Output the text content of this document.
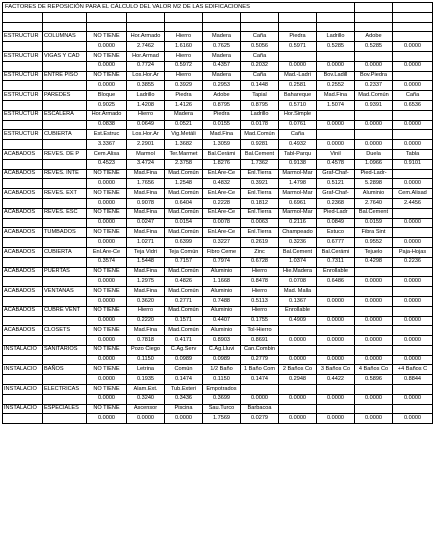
FACTORES DE REPOSICIÓN PARA EL CÁLCULO DEL VALOR M2 DE LAS EDIFICACIONES										

ESTRUCTUR	COLUMNAS	NO TIENE	Hor.Armado	Hierro	Madera	Caña	Piedra	Ladrillo	Adobe	
		0.0000	2.7462	1.6160	0.7625	0.5056	0.5971	0.5285	0.5285	0.0000
ESTRUCTUR	VIGAS Y CAD	NO TIENE	Hor.Armad	Hierro	Madera	Caña				
		0.0000	0.7724	0.5972	0.4357	0.2032	0.0000	0.0000	0.0000	0.0000
ESTRUCTUR	ENTRE PISO	NO TIENE	Los.Hor.Ar	Hierro	Madera	Caña	Mad.-Ladri	Bov.Ladill	Bov.Piedra	
		0.0000	0.3855	0.3929	0.2953	0.1448	0.2581	0.2552	0.2337	0.0000
ESTRUCTUR	PAREDES	Bloque	Ladrillo	Piedra	Adobe	Tapial	Bahareque	Mad.Fina	Mad.Común	Caña
		0.9025	1.4208	1.4126	0.8795	0.8795	0.5710	1.5074	0.9391	0.6536
ESTRUCTUR	ESCALERA	Hor.Armado	Hierro	Madera	Piedra	Ladrillo	Hor.Simple			
		0.0838	0.0649	0.0521	0.0155	0.0178	0.0761	0.0000	0.0000	0.0000
ESTRUCTUR	CUBIERTA	Est.Estruc	Los.Hor.Ar	Vig.Metáli	Mad.Fina	Mad.Común	Caña			
		3.3367	2.2901	1.3682	1.3059	0.9281	0.4932	0.0000	0.0000	0.0000
ACABADOS	REVES. DE P	Cem.Alisa	Marmol	Ter.Marmet	Bal.Cerámi	Bal.Cement	Tabl-Parqu	Vinil	Duela	Tabla
		0.4523	3.4724	2.3758	1.8276	1.7362	0.9138	0.4578	1.0966	0.9101
ACABADOS	REVES. INTE	NO TIENE	Mad.Fina	Mad.Común	Enl.Are-Ce	Enl.Tierra	Marmol-Mar	Graf-Chaf-	Pied-Ladr-	
		0.0000	1.7656	1.2548	0.4832	0.3921	1.4798	0.5121	5.2898	0.0000
ACABADOS	REVES. EXT	NO TIENE	Mad.Fina	Mad.Común	Enl.Are-Ce	Enl.Tierra	Marmol-Mar	Graf-Chaf-	Aluminio	Cem.Alisad
		0.0000	0.9078	0.6404	0.2228	0.1812	0.6961	0.2368	2.7640	2.4456
ACABADOS	REVES. ESC	NO TIENE	Mad.Fina	Mad.Común	Enl.Are-Ce	Enl.Tierra	Marmol-Mar	Pied-Ladr	Bal.Cement	
		0.0000	0.0247	0.0154	0.0078	0.0063	0.2116	0.0849	0.0159	0.0000
ACABADOS	TUMBADOS	NO TIENE	Mad.Fina	Mad.Común	Enl.Are-Ce	Enl.Tierra	Champeado	Estuco	Fibra Sint	
		0.0000	1.0271	0.6399	0.3227	0.2619	0.3236	0.6777	0.9552	0.0000
ACABADOS	CUBIERTA	Enl.Are-Ce	Teja Vidri	Teja Común	Fibro Ceme	Zinc	Bal.Cement	Bal.Cerámi	Tejuelo	Paja-Hojas
		0.3574	1.5448	0.7157	0.7974	0.6728	1.0374	0.7311	0.4298	0.2236
ACABADOS	PUERTAS	NO TIENE	Mad.Fina	Mad.Común	Aluminio	Hierro	Hie.Madera	Enrollable		
		0.0000	1.2975	0.4826	1.1668	0.8478	0.0708	0.6486	0.0000	0.0000
ACABADOS	VENTANAS	NO TIENE	Mad.Fina	Mad.Común	Aluminio	Hierro	Mad. Malla			
		0.0000	0.3620	0.2771	0.7488	0.5113	0.1367	0.0000	0.0000	0.0000
ACABADOS	CUBRE VENT	NO TIENE	Hierro	Mad.Común	Aluminio	Hierro	Enrollable			
		0.0000	0.2220	0.1571	0.4407	0.1755	0.4909	0.0000	0.0000	0.0000
ACABADOS	CLOSETS	NO TIENE	Mad.Fina	Mad.Común	Aluminio	Tol-Hierro				
		0.0000	0.7818	0.4171	0.8903	0.8691	0.0000	0.0000	0.0000	0.0000
INSTALACIO	SANITARIOS	NO TIENE	Pozo Ciego	C.Ag.Serv	C.Ag.Lluvi	Can.Combin				
		0.0000	0.1150	0.0989	0.0989	0.2779	0.0000	0.0000	0.0000	0.0000
INSTALACIO	BAÑOS	NO TIENE	Letrina	Común	1/2 Baño	1 Baño Com	2 Baños Co	3 Baños Co	4 Baños Co	+4 Baños C
		0.0000	0.1935	0.1474	0.1150	0.1474	0.2948	0.4422	0.5896	0.8844
INSTALACIO	ELECTRICAS	NO TIENE	Alam.Ext.	Tub.Exteri	Empotrados					
		0.0000	0.3240	0.3436	0.3699	0.0000	0.0000	0.0000	0.0000	0.0000
INSTALACIO	ESPECIALES	NO TIENE	Ascensor	Piscina	Sau.Turco	Barbacoa				
		0.0000	0.0000	0.0000	1.7569	0.0279	0.0000	0.0000	0.0000	0.0000
